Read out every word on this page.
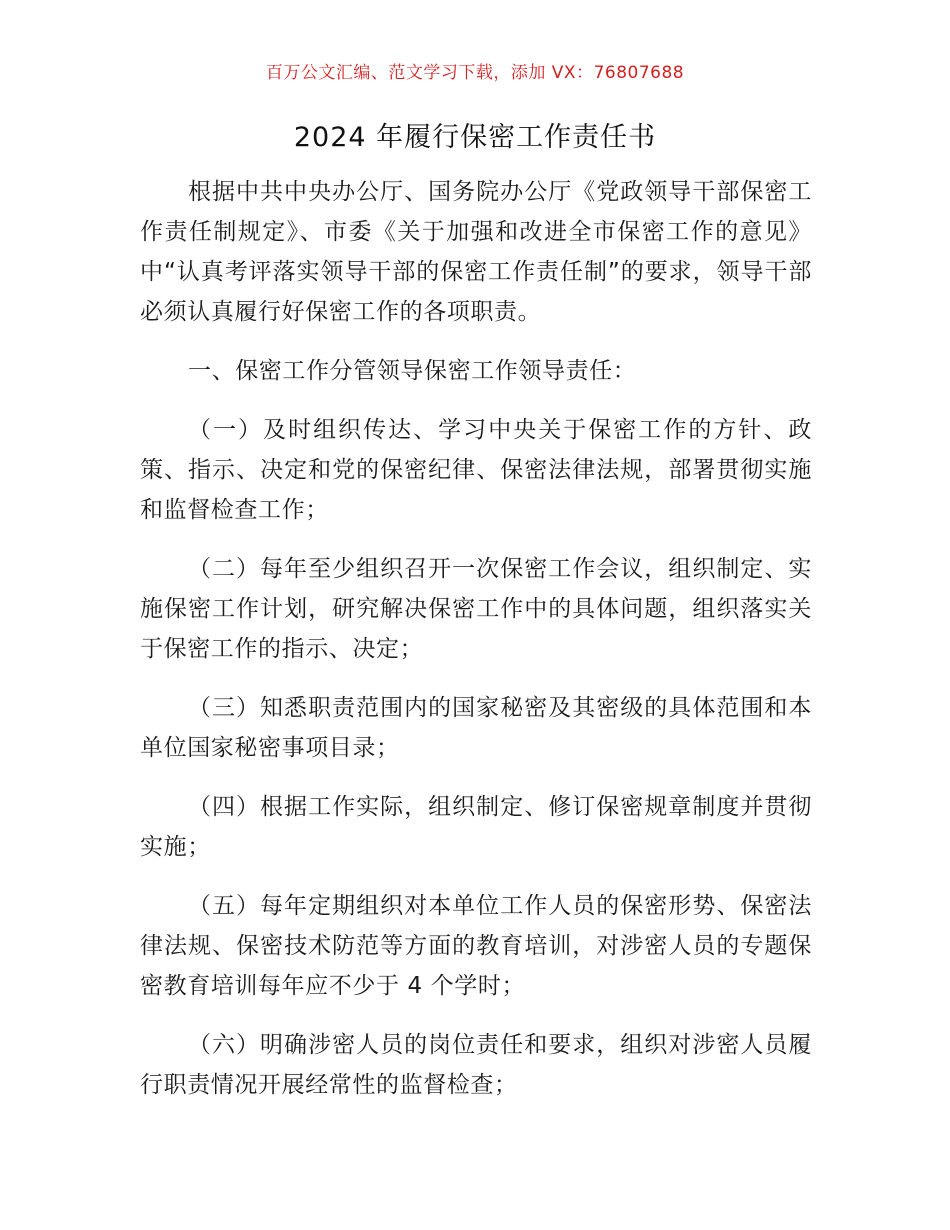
百万公文汇编、范文学习下载，添加 VX：76807688
2024 年履行保密工作责任书

根据中共中央办公厅、国务院办公厅《党政领导干部保密工作责任制规定》、市委《关于加强和改进全市保密工作的意见》中“认真考评落实领导干部的保密工作责任制”的要求，领导干部必须认真履行好保密工作的各项职责。

一、保密工作分管领导保密工作领导责任：

（一）及时组织传达、学习中央关于保密工作的方针、政策、指示、决定和党的保密纪律、保密法律法规，部署贯彻实施和监督检查工作；

（二）每年至少组织召开一次保密工作会议，组织制定、实施保密工作计划，研究解决保密工作中的具体问题，组织落实关于保密工作的指示、决定；

（三）知悉职责范围内的国家秘密及其密级的具体范围和本单位国家秘密事项目录；

（四）根据工作实际，组织制定、修订保密规章制度并贯彻实施；

（五）每年定期组织对本单位工作人员的保密形势、保密法律法规、保密技术防范等方面的教育培训，对涉密人员的专题保密教育培训每年应不少于 4 个学时；

（六）明确涉密人员的岗位责任和要求，组织对涉密人员履行职责情况开展经常性的监督检查；
